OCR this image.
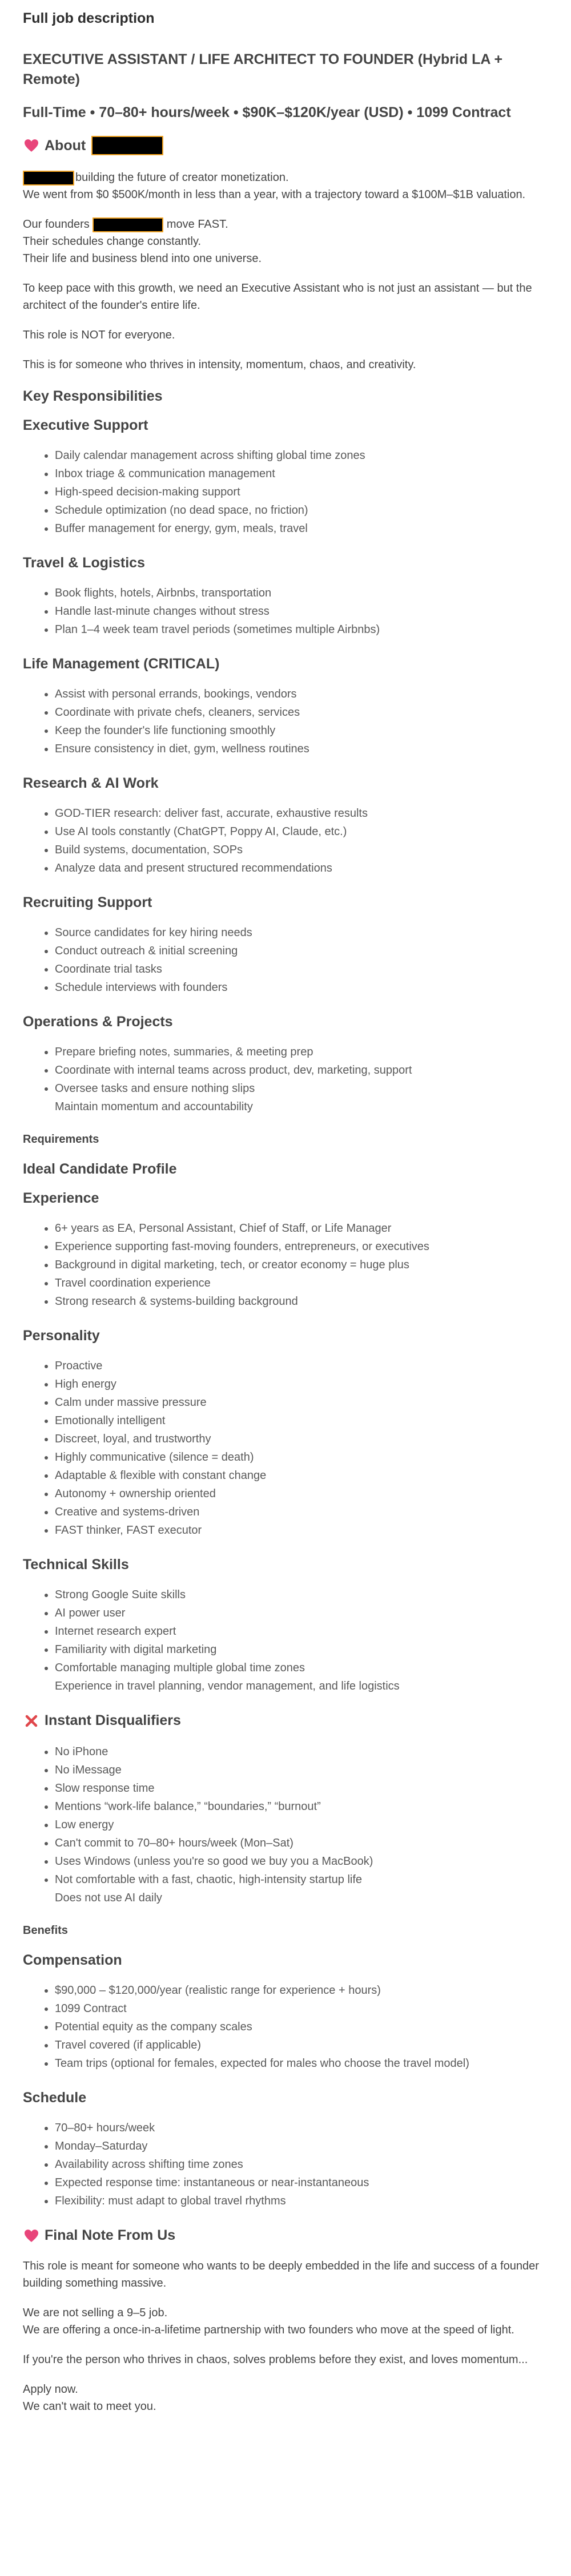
Full job description
EXECUTIVE ASSISTANT / LIFE ARCHITECT TO FOUNDER (Hybrid LA + Remote)
Full-Time • 70–80+ hours/week • $90K–$120K/year (USD) • 1099 Contract
About

building the future of creator monetization.
We went from $0 $500K/month in less than a year, with a trajectory toward a $100M–$1B valuation.

Our founders	move FAST.
Their schedules change constantly.
Their life and business blend into one universe.

To keep pace with this growth, we need an Executive Assistant who is not just an assistant — but the architect of the founder's entire life.

This role is NOT for everyone.

This is for someone who thrives in intensity, momentum, chaos, and creativity.

Key Responsibilities
Executive Support
• Daily calendar management across shifting global time zones
• Inbox triage & communication management
• High-speed decision-making support
• Schedule optimization (no dead space, no friction)
• Buffer management for energy, gym, meals, travel
Travel & Logistics
• Book flights, hotels, Airbnbs, transportation
• Handle last-minute changes without stress
• Plan 1–4 week team travel periods (sometimes multiple Airbnbs)
Life Management (CRITICAL)
• Assist with personal errands, bookings, vendors
• Coordinate with private chefs, cleaners, services
• Keep the founder's life functioning smoothly
• Ensure consistency in diet, gym, wellness routines
Research & AI Work
• GOD-TIER research: deliver fast, accurate, exhaustive results
• Use AI tools constantly (ChatGPT, Poppy AI, Claude, etc.)
• Build systems, documentation, SOPs
• Analyze data and present structured recommendations
Recruiting Support
• Source candidates for key hiring needs
• Conduct outreach & initial screening
• Coordinate trial tasks
• Schedule interviews with founders
Operations & Projects
• Prepare briefing notes, summaries, & meeting prep
• Coordinate with internal teams across product, dev, marketing, support
• Oversee tasks and ensure nothing slips
Maintain momentum and accountability
Requirements
Ideal Candidate Profile
Experience
• 6+ years as EA, Personal Assistant, Chief of Staff, or Life Manager
• Experience supporting fast-moving founders, entrepreneurs, or executives
• Background in digital marketing, tech, or creator economy = huge plus
• Travel coordination experience
• Strong research & systems-building background
Personality
• Proactive
• High energy
• Calm under massive pressure
• Emotionally intelligent
• Discreet, loyal, and trustworthy
• Highly communicative (silence = death)
• Adaptable & flexible with constant change
• Autonomy + ownership oriented
• Creative and systems-driven
• FAST thinker, FAST executor
Technical Skills
• Strong Google Suite skills
• AI power user
• Internet research expert
• Familiarity with digital marketing
• Comfortable managing multiple global time zones
Experience in travel planning, vendor management, and life logistics
Instant Disqualifiers
• No iPhone
• No iMessage
• Slow response time
• Mentions “work-life balance,” “boundaries,” “burnout”
• Low energy
• Can't commit to 70–80+ hours/week (Mon–Sat)
• Uses Windows (unless you're so good we buy you a MacBook)
• Not comfortable with a fast, chaotic, high-intensity startup life
Does not use AI daily
Benefits
Compensation
• $90,000 – $120,000/year (realistic range for experience + hours)
• 1099 Contract
• Potential equity as the company scales
• Travel covered (if applicable)
• Team trips (optional for females, expected for males who choose the travel model)
Schedule
• 70–80+ hours/week
• Monday–Saturday
• Availability across shifting time zones
• Expected response time: instantaneous or near-instantaneous
• Flexibility: must adapt to global travel rhythms
Final Note From Us

This role is meant for someone who wants to be deeply embedded in the life and success of a founder building something massive.

We are not selling a 9–5 job.
We are offering a once-in-a-lifetime partnership with two founders who move at the speed of light.

If you're the person who thrives in chaos, solves problems before they exist, and loves momentum...

Apply now.
We can't wait to meet you.
